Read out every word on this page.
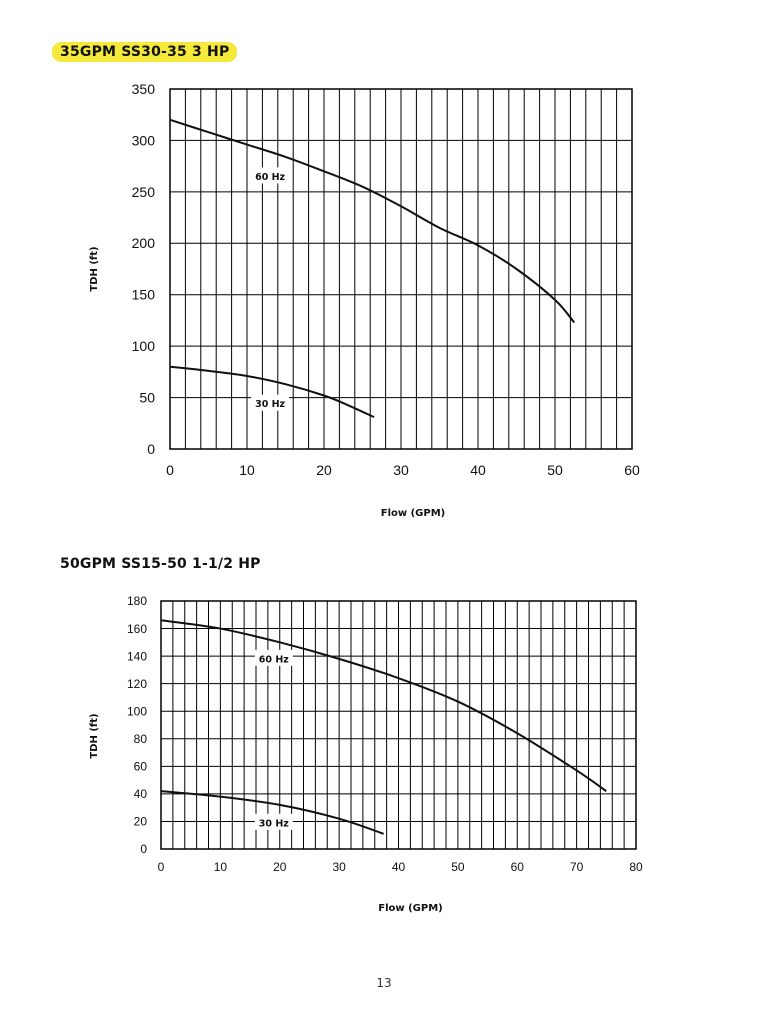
35GPM SS30-35 3 HP
0	10	20	30	40	50	60
0
50
100
150
200
250
300
350
Flow (GPM)
TDH (ft)
60 Hz
30 Hz
50GPM SS15-50 1-1/2 HP
0	10	20	30	40	50	60	70	80
0
20
40
60
80
100
120
140
160
180
Flow (GPM)
TDH (ft)
60 Hz
30 Hz
13
